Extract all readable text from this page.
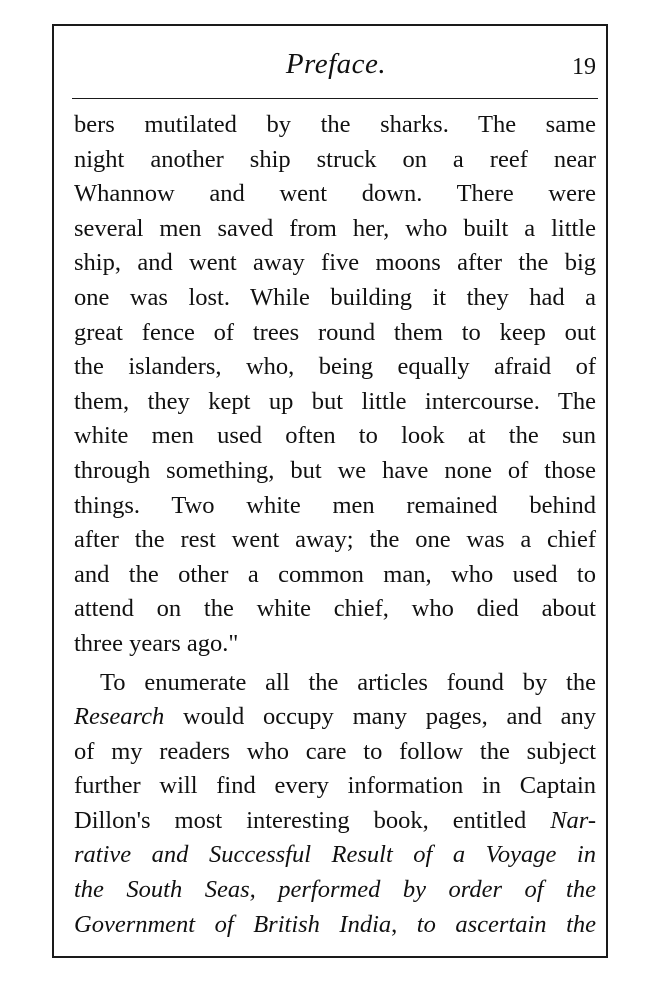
Preface.	19
bers mutilated by the sharks. The same
night another ship struck on a reef near
Whannow and went down. There were
several men saved from her, who built a little
ship, and went away five moons after the big
one was lost. While building it they had a
great fence of trees round them to keep out
the islanders, who, being equally afraid of
them, they kept up but little intercourse. The
white men used often to look at the sun
through something, but we have none of those
things. Two white men remained behind
after the rest went away; the one was a chief
and the other a common man, who used to
attend on the white chief, who died about
three years ago."
To enumerate all the articles found by the
Research would occupy many pages, and any
of my readers who care to follow the subject
further will find every information in Captain
Dillon's most interesting book, entitled Nar-
rative and Successful Result of a Voyage in
the South Seas, performed by order of the
Government of British India, to ascertain the
